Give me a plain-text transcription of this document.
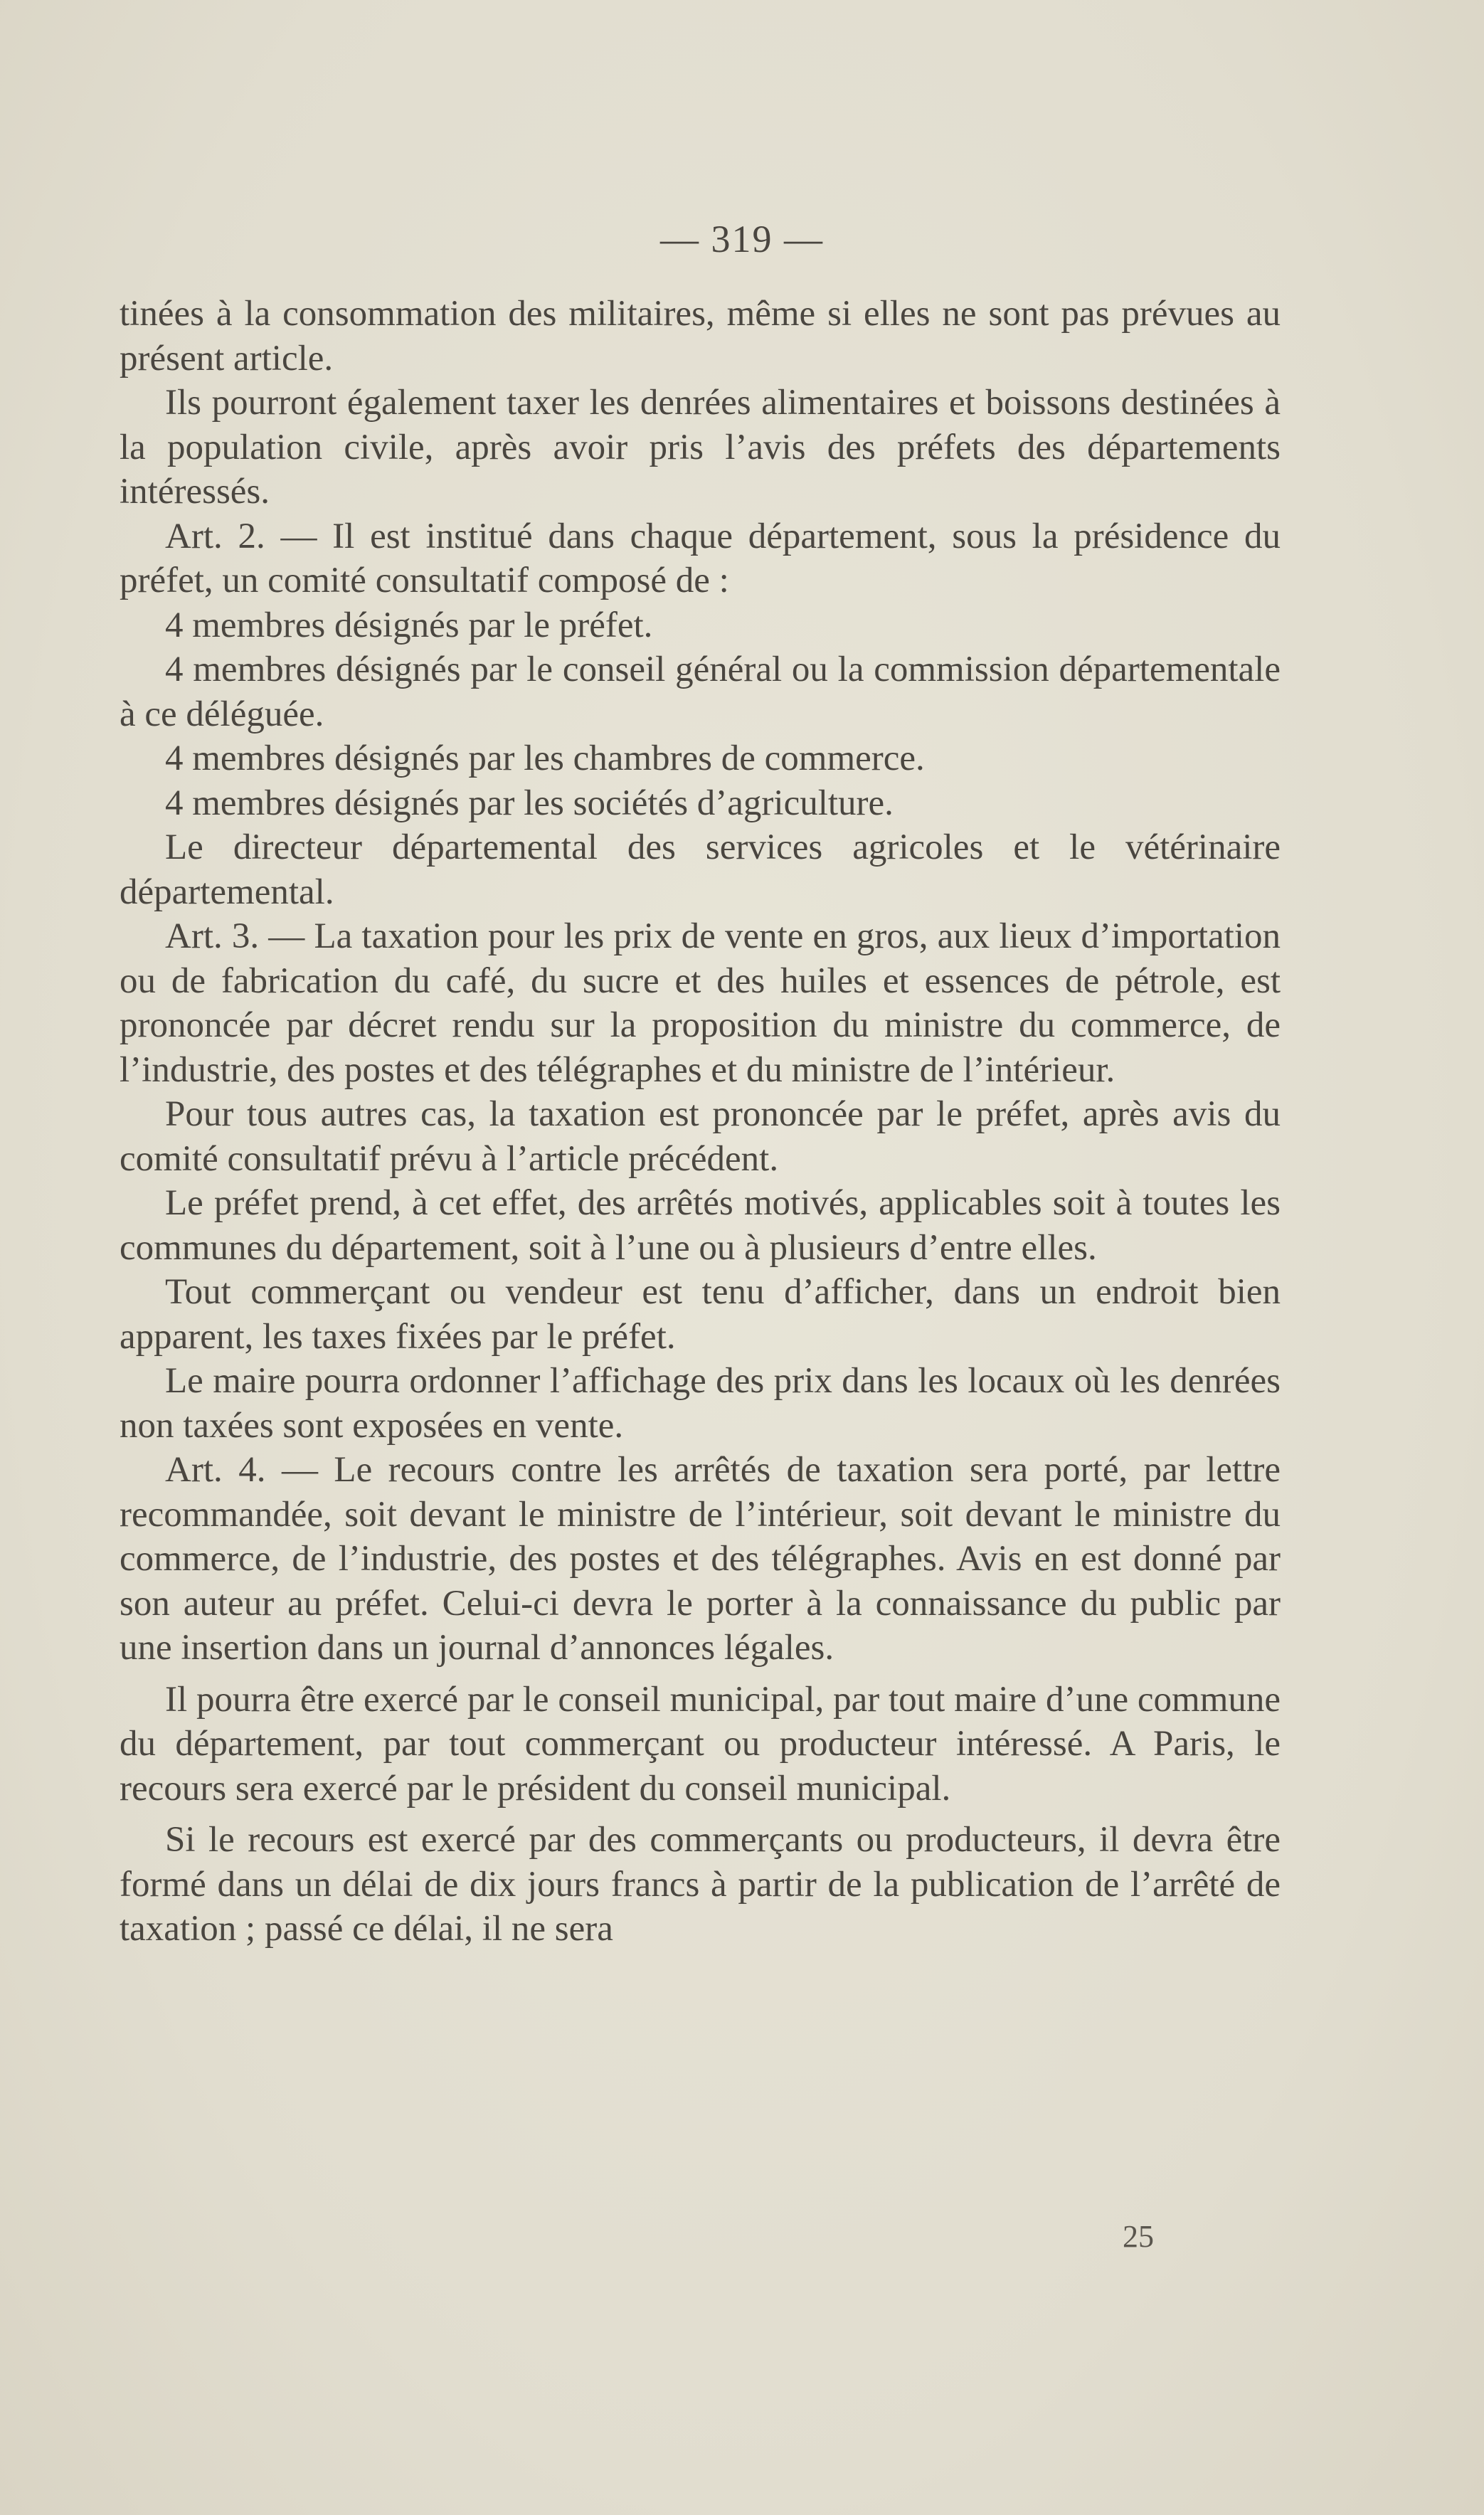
— 319 —

tinées à la consommation des militaires, même si elles ne sont pas prévues au présent article.

Ils pourront également taxer les denrées alimentaires et boissons destinées à la population civile, après avoir pris l’avis des préfets des départements intéressés.

Art. 2. — Il est institué dans chaque département, sous la présidence du préfet, un comité consultatif composé de :

4 membres désignés par le préfet.

4 membres désignés par le conseil général ou la commission départementale à ce déléguée.

4 membres désignés par les chambres de commerce.

4 membres désignés par les sociétés d’agriculture.

Le directeur départemental des services agricoles et le vétérinaire départemental.

Art. 3. — La taxation pour les prix de vente en gros, aux lieux d’importation ou de fabrication du café, du sucre et des huiles et essences de pétrole, est prononcée par décret rendu sur la proposition du ministre du commerce, de l’industrie, des postes et des télégraphes et du ministre de l’intérieur.

Pour tous autres cas, la taxation est prononcée par le préfet, après avis du comité consultatif prévu à l’article précédent.

Le préfet prend, à cet effet, des arrêtés motivés, applicables soit à toutes les communes du département, soit à l’une ou à plusieurs d’entre elles.

Tout commerçant ou vendeur est tenu d’afficher, dans un endroit bien apparent, les taxes fixées par le préfet.

Le maire pourra ordonner l’affichage des prix dans les locaux où les denrées non taxées sont exposées en vente.

Art. 4. — Le recours contre les arrêtés de taxation sera porté, par lettre recommandée, soit devant le ministre de l’intérieur, soit devant le ministre du commerce, de l’industrie, des postes et des télégraphes. Avis en est donné par son auteur au préfet. Celui-ci devra le porter à la connaissance du public par une insertion dans un journal d’annonces légales.

Il pourra être exercé par le conseil municipal, par tout maire d’une commune du département, par tout commerçant ou producteur intéressé. A Paris, le recours sera exercé par le président du conseil municipal.

Si le recours est exercé par des commerçants ou producteurs, il devra être formé dans un délai de dix jours francs à partir de la publication de l’arrêté de taxation ; passé ce délai, il ne sera

25
